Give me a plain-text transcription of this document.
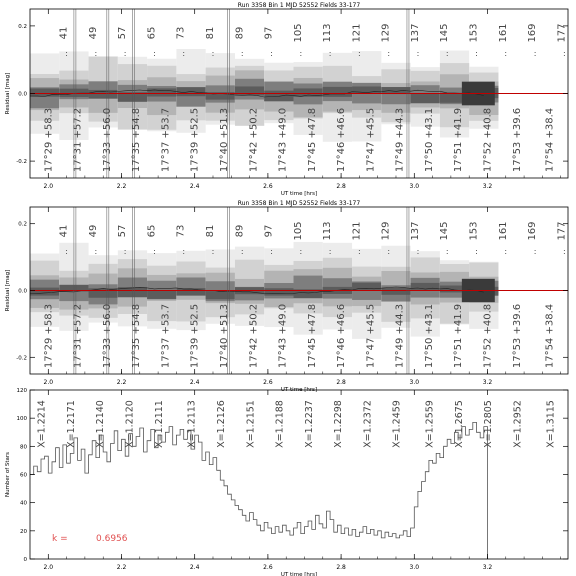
41
:
49
:
57
:
65
:
73
:
81
:
89
:
97
:
105
:
113
:
121
:
129
:
137
:
145
:
153
:
161
:
169
:
177
:
17°29 +58.3 17°31 +57.2 17°33 +56.0 17°35 +54.8 17°37 +53.7 17°39 +52.5 17°40 +51.3 17°42 +50.2 17°43 +49.0 17°45 +47.8 17°46 +46.6 17°47 +45.5 17°49 +44.3 17°50 +43.1 17°51 +41.9 17°52 +40.8 17°53 +39.6 17°54 +38.4
2.0	2.2	2.4	2.6	2.8	3.0	3.2
-0.2
0.0
0.2
UT time [hrs]
Residual [mag]
Run 3358 Bin 1 MJD 52552 Fields 33-177
41
:
49
:
57
:
65
:
73
:
81
:
89
:
97
:
105
:
113
:
121
:
129
:
137
:
145
:
153
:
161
:
169
:
177
:
17°29 +58.3 17°31 +57.2 17°33 +56.0 17°35 +54.8 17°37 +53.7 17°39 +52.5 17°40 +51.3 17°42 +50.2 17°43 +49.0 17°45 +47.8 17°46 +46.6 17°47 +45.5 17°49 +44.3 17°50 +43.1 17°51 +41.9 17°52 +40.8 17°53 +39.6 17°54 +38.4
2.0	2.2	2.4	2.6	2.8	3.0	3.2
-0.2
0.0
0.2
UT time [hrs]
Residual [mag]
Run 3358 Bin 1 MJD 52552 Fields 33-177
X=1.2214 X=1.2171 X=1.2140 X=1.2120 X=1.2111 X=1.2113 X=1.2126 X=1.2151 X=1.2188 X=1.2237 X=1.2298 X=1.2372 X=1.2459 X=1.2559 X=1.2675 X=1.2805 X=1.2952 X=1.3115
k =	0.6956
2.0	2.2	2.4	2.6	2.8	3.0	3.2
0
20
40
60
80
100
120
UT time [hrs]
Number of Stars
